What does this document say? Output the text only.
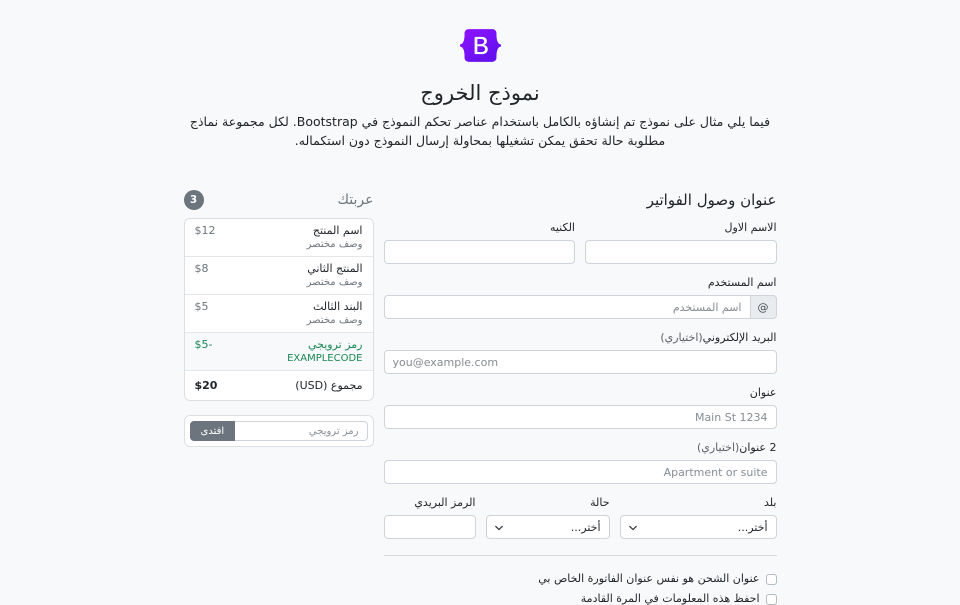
نموذج الخروج

فيما يلي مثال على نموذج تم إنشاؤه بالكامل باستخدام عناصر تحكم النموذج في Bootstrap. لكل مجموعة نماذج مطلوبة حالة تحقق يمكن تشغيلها بمحاولة إرسال النموذج دون استكماله.

عنوان وصول الفواتير
الاسم الاول
الكنيه
اسم المستخدم
@
اسم المستخدم
البريد الإلكتروني(اختياري)
you@example.com
عنوان
Main St 1234
2 عنوان(اختياري)
Apartment or suite
بلد
أختر...
حالة
أختر...
الرمز البريدي
عنوان الشحن هو نفس عنوان الفاتورة الخاص بي
احفظ هذه المعلومات في المرة القادمة
عربتك
3
اسم المنتج
وصف مختصر
$12
المنتج الثاني
وصف مختصر
$8
البند الثالث
وصف مختصر
$5
رمز ترويجي
EXAMPLECODE
-$5
مجموع (USD)
$20
رمز ترويجي
افتدى
